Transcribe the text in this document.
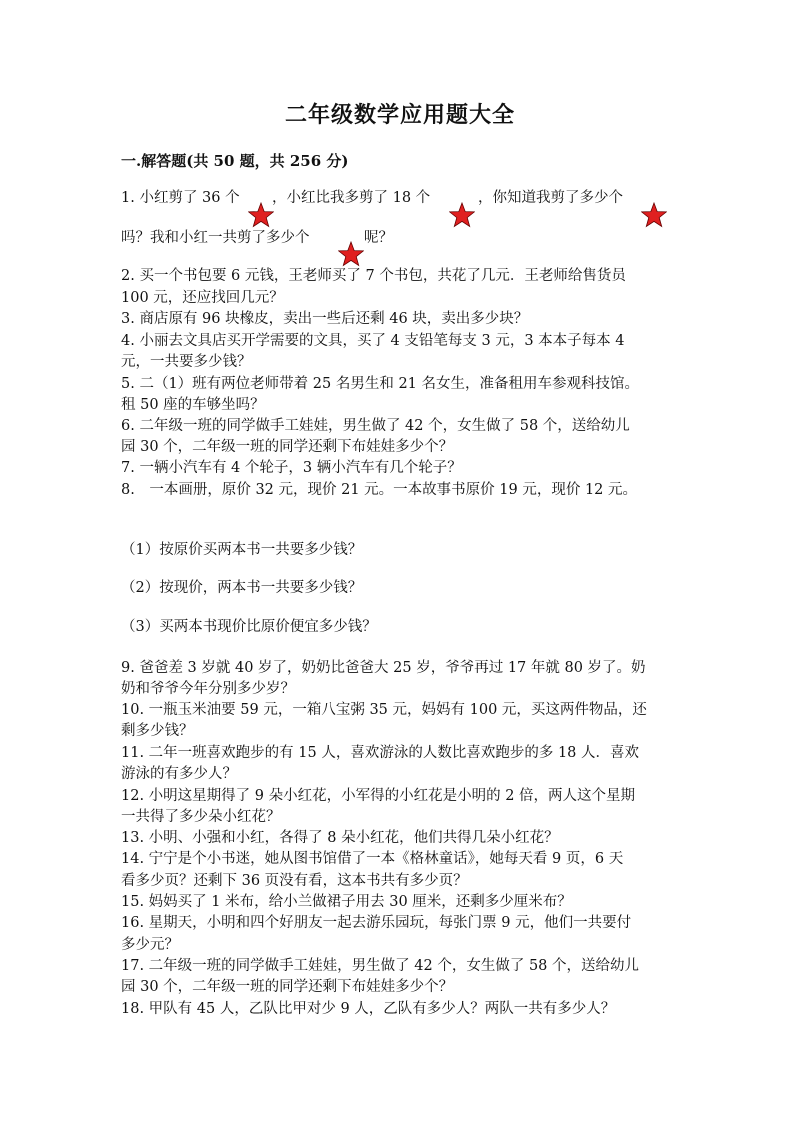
二年级数学应用题大全
一.解答题(共 50 题，共 256 分)
1. 小红剪了 36 个 ，小红比我多剪了 18 个	，你知道我剪了多少个
吗？我和小红一共剪了多少个	呢？
2. 买一个书包要 6 元钱，王老师买了 7 个书包，共花了几元．王老师给售货员
100 元，还应找回几元？
3. 商店原有 96 块橡皮，卖出一些后还剩 46 块，卖出多少块？
4. 小丽去文具店买开学需要的文具，买了 4 支铅笔每支 3 元，3 本本子每本 4
元，一共要多少钱？
5. 二（1）班有两位老师带着 25 名男生和 21 名女生，准备租用车参观科技馆。
租 50 座的车够坐吗？
6. 二年级一班的同学做手工娃娃，男生做了 42 个，女生做了 58 个，送给幼儿
园 30 个，二年级一班的同学还剩下布娃娃多少个？
7. 一辆小汽车有 4 个轮子，3 辆小汽车有几个轮子？
8.　一本画册，原价 32 元，现价 21 元。一本故事书原价 19 元，现价 12 元。
（1）按原价买两本书一共要多少钱？
（2）按现价，两本书一共要多少钱？
（3）买两本书现价比原价便宜多少钱？
9. 爸爸差 3 岁就 40 岁了，奶奶比爸爸大 25 岁，爷爷再过 17 年就 80 岁了。奶
奶和爷爷今年分别多少岁？
10. 一瓶玉米油要 59 元，一箱八宝粥 35 元，妈妈有 100 元，买这两件物品，还
剩多少钱？
11. 二年一班喜欢跑步的有 15 人，喜欢游泳的人数比喜欢跑步的多 18 人．喜欢
游泳的有多少人？
12. 小明这星期得了 9 朵小红花，小军得的小红花是小明的 2 倍，两人这个星期
一共得了多少朵小红花？
13. 小明、小强和小红，各得了 8 朵小红花，他们共得几朵小红花？
14. 宁宁是个小书迷，她从图书馆借了一本《格林童话》，她每天看 9 页，6 天
看多少页？还剩下 36 页没有看，这本书共有多少页？
15. 妈妈买了 1 米布，给小兰做裙子用去 30 厘米，还剩多少厘米布？
16. 星期天，小明和四个好朋友一起去游乐园玩，每张门票 9 元，他们一共要付
多少元？
17. 二年级一班的同学做手工娃娃，男生做了 42 个，女生做了 58 个，送给幼儿
园 30 个，二年级一班的同学还剩下布娃娃多少个？
18. 甲队有 45 人，乙队比甲对少 9 人，乙队有多少人？两队一共有多少人？
